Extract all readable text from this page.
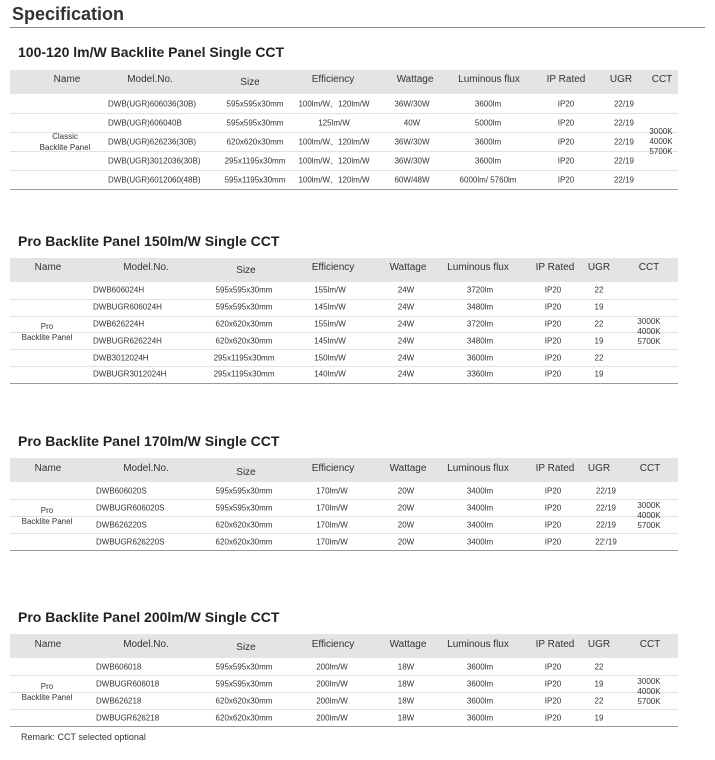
Specification
100-120 lm/W Backlite Panel Single CCT
Name	Model.No.	Size	Efficiency	Wattage Luminous flux	IP Rated UGR CCT
DWB(UGR)606036(30B)	595x595x30mm 100lm/W、120lm/W	36W/30W	3600lm	IP20	22/19
DWB(UGR)606040B	595x595x30mm	125lm/W	40W	5000lm	IP20	22/19
DWB(UGR)626236(30B)	620x620x30mm 100lm/W、120lm/W	36W/30W	3600lm	IP20	22/19
DWB(UGR)3012036(30B)	295x1195x30mm 100lm/W、120lm/W	36W/30W	3600lm	IP20	22/19
DWB(UGR)6012060(48B)	595x1195x30mm 100lm/W、120lm/W	60W/48W	6000lm/ 5760lm	IP20	22/19
Classic
Backlite Panel
3000K
4000K
5700K
Pro Backlite Panel 150lm/W Single CCT
Name	Model.No.	Size	Efficiency	Wattage Luminous flux	IP Rated UGR	CCT
DWB606024H	595x595x30mm	155lm/W	24W	3720lm	IP20	22
DWBUGR606024H	595x595x30mm	145lm/W	24W	3480lm	IP20	19
DWB626224H	620x620x30mm	155lm/W	24W	3720lm	IP20	22
DWBUGR626224H	620x620x30mm	145lm/W	24W	3480lm	IP20	19
DWB3012024H	295x1195x30mm	150lm/W	24W	3600lm	IP20	22
DWBUGR3012024H	295x1195x30mm	140lm/W	24W	3360lm	IP20	19
Pro
Backlite Panel
3000K
4000K
5700K
Pro Backlite Panel 170lm/W Single CCT
Name	Model.No.	Size	Efficiency	Wattage Luminous flux	IP Rated UGR	CCT
DWB606020S	595x595x30mm	170lm/W	20W	3400lm	IP20	22/19
DWBUGR606020S	595x595x30mm	170lm/W	20W	3400lm	IP20	22/19
DWB626220S	620x620x30mm	170lm/W	20W	3400lm	IP20	22/19
DWBUGR626220S	620x620x30mm	170lm/W	20W	3400lm	IP20	22'/19
Pro
Backlite Panel
3000K
4000K
5700K
Pro Backlite Panel 200lm/W Single CCT
Name	Model.No.	Size	Efficiency	Wattage Luminous flux	IP Rated UGR	CCT
DWB606018	595x595x30mm	200lm/W	18W	3600lm	IP20	22
DWBUGR606018	595x595x30mm	200lm/W	18W	3600lm	IP20	19
DWB626218	620x620x30mm	200lm/W	18W	3600lm	IP20	22
DWBUGR626218	620x620x30mm	200lm/W	18W	3600lm	IP20	19
Pro
Backlite Panel
3000K
4000K
5700K
Remark: CCT selected optional
